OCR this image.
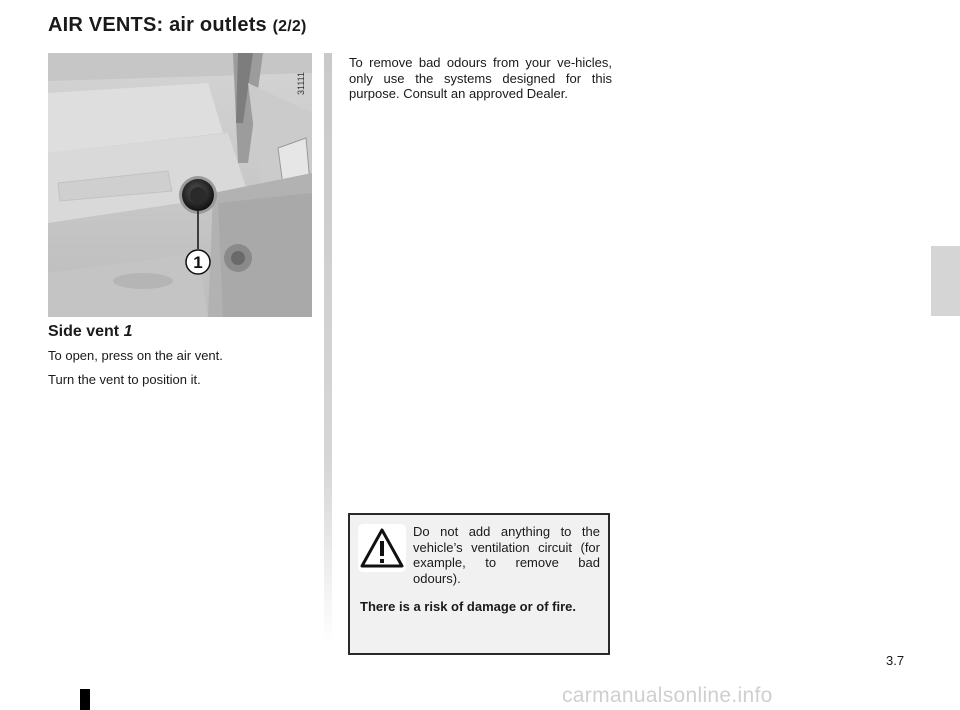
AIR VENTS: air outlets (2/2)
1
31111
Side vent 1

To open, press on the air vent.

Turn the vent to position it.

To remove bad odours from your ve-hicles, only use the systems designed for this purpose. Consult an approved Dealer.

Do not add anything to the vehicle’s ventilation circuit (for example, to remove bad odours).

There is a risk of damage or of fire.

3.7
carmanualsonline.info
